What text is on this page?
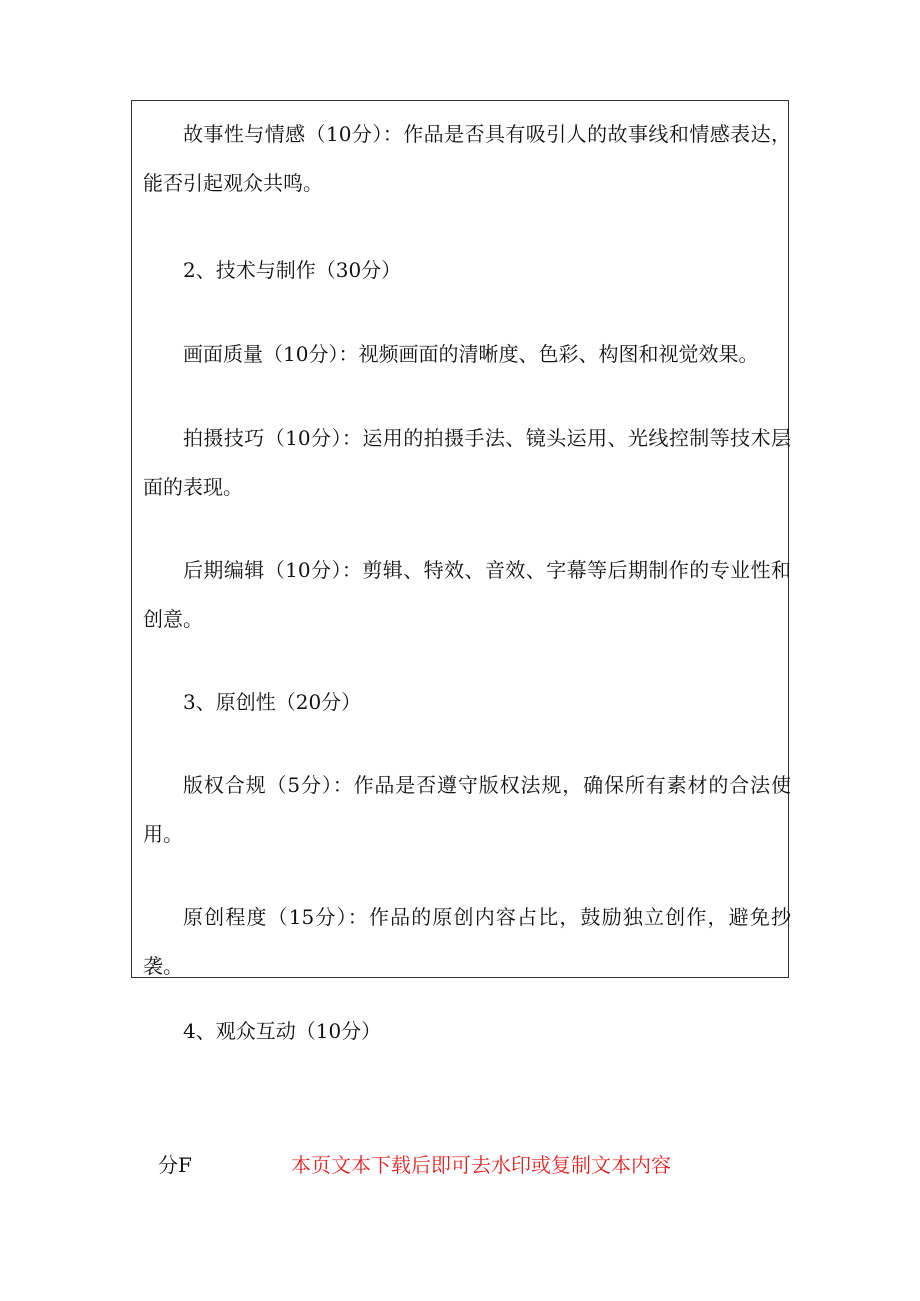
故事性与情感（10分）：作品是否具有吸引人的故事线和情感表达，能否引起观众共鸣。

2、技术与制作（30分）

画面质量（10分）：视频画面的清晰度、色彩、构图和视觉效果。

拍摄技巧（10分）：运用的拍摄手法、镜头运用、光线控制等技术层面的表现。

后期编辑（10分）：剪辑、特效、音效、字幕等后期制作的专业性和创意。

3、原创性（20分）

版权合规（5分）：作品是否遵守版权法规，确保所有素材的合法使用。

原创程度（15分）：作品的原创内容占比，鼓励独立创作，避免抄袭。

4、观众互动（10分）

分F	本页文本下载后即可去水印或复制文本内容
